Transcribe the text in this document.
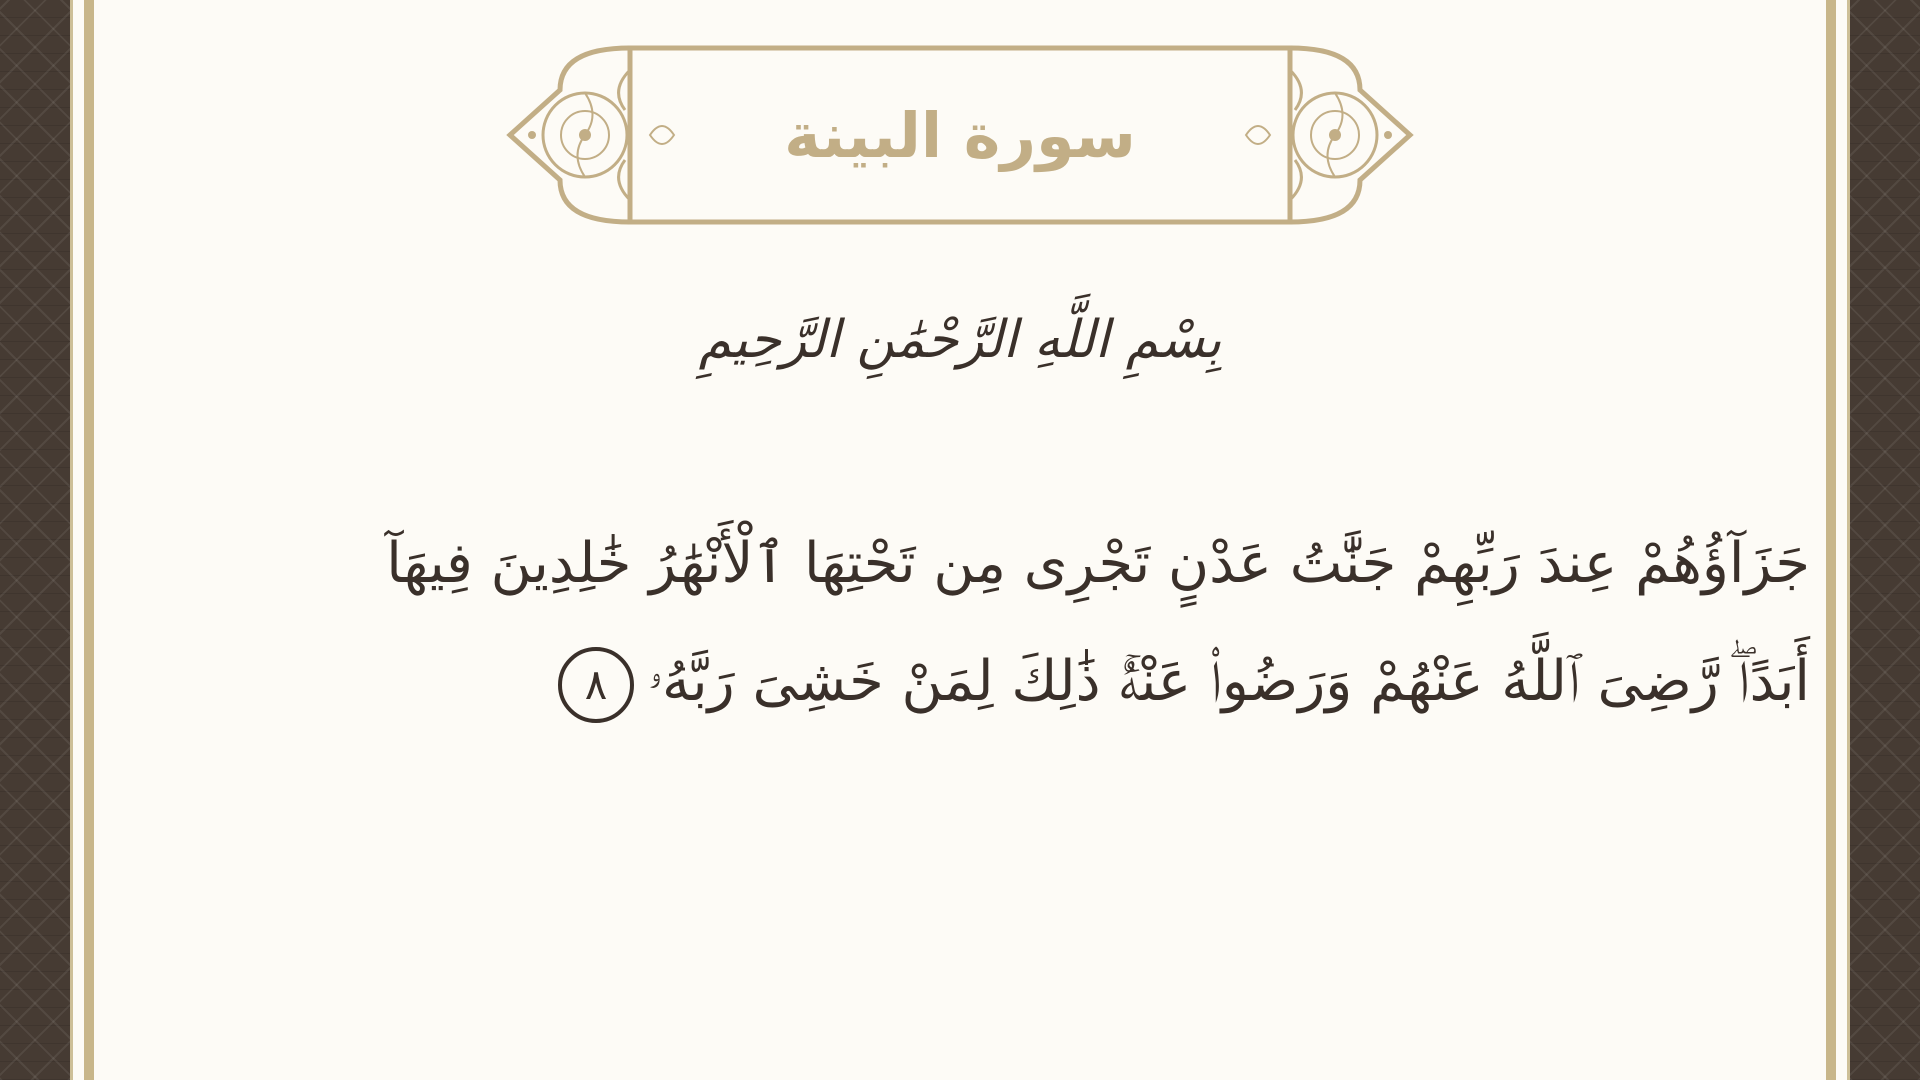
سورة البينة
بِسْمِ اللَّهِ الرَّحْمَٰنِ الرَّحِيمِ
جَزَآؤُهُمْ عِندَ رَبِّهِمْ جَنَّٰتُ عَدْنٍ تَجْرِى مِن تَحْتِهَا ٱلْأَنْهَٰرُ خَٰلِدِينَ فِيهَآ
أَبَدًاۖ رَّضِىَ ٱللَّهُ عَنْهُمْ وَرَضُوا۟ عَنْهُۚ ذَٰلِكَ لِمَنْ خَشِىَ رَبَّهُۥ٨
